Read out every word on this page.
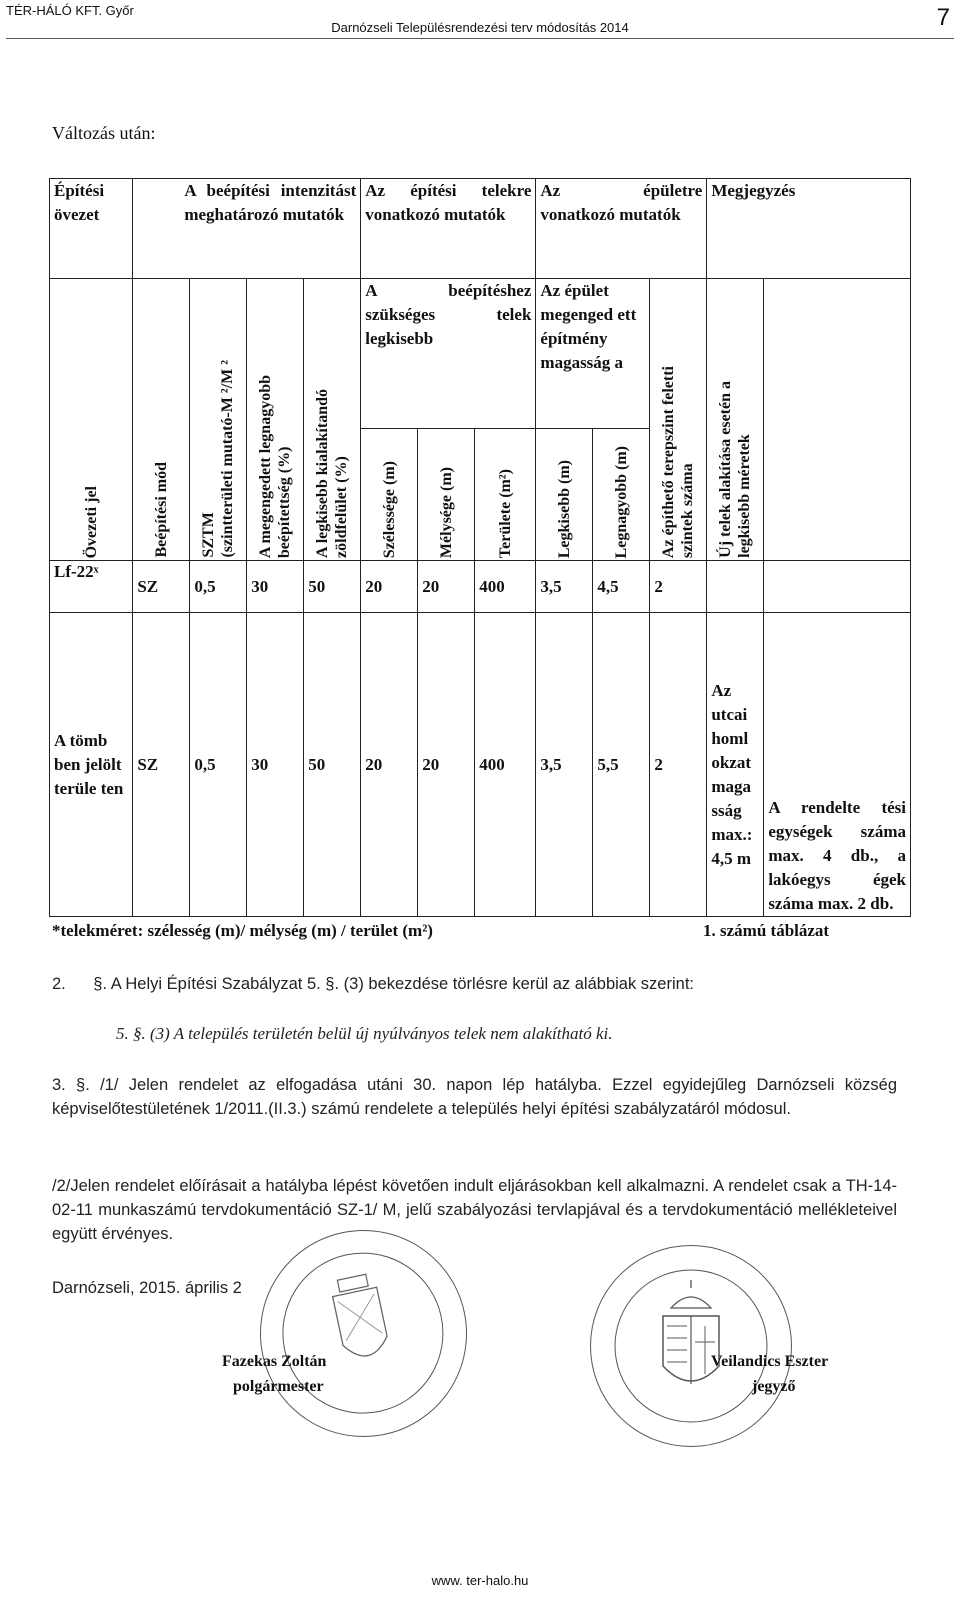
TÉR-HÁLÓ KFT. Győr
Darnózseli Településrendezési terv módosítás 2014	7
Változás után:
Építési övezet	A beépítési intenzitást meghatározó mutatók				Az építési telekre vonatkozó mutatók			Az épületre vonatkozó mutatók			Megjegyzés	

Övezeti jel	Beépítési mód	SZTM (szintterületi mutató-M ²/M ²	A megengedett legnagyobb beépítettség (%)	A legkisebb kialakítandó zöldfelület (%)	A beépítéshez szükséges telek legkisebb			Az épület megenged ett építmény magasság a		Az építhető terepszint feletti szintek száma	Új telek alakítása esetén a legkisebb méretek	

					Szélessége (m)	Mélysége (m)	Területe (m²)	Legkisebb (m)	Legnagyobb (m)			

Lf-22ˣ	SZ	0,5	30	50	20	20	400	3,5	4,5	2		
A tömb ben jelölt terüle ten	SZ	0,5	30	50	20	20	400	3,5	5,5	2	Az utcai homl okzat maga sság max.: 4,5 m	A rendelte tési egységek száma max. 4 db., a lakóegys égek száma max. 2 db.
*telekméret: szélesség (m)/ mélység (m) / terület (m²)	1. számú táblázat
2.      §. A Helyi Építési Szabályzat 5. §. (3) bekezdése törlésre kerül az alábbiak szerint:
5. §. (3) A település területén belül új nyúlványos telek nem alakítható ki.
3. §. /1/ Jelen rendelet az elfogadása utáni 30. napon lép hatályba. Ezzel egyidejűleg Darnózseli község képviselőtestületének 1/2011.(II.3.) számú rendelete a település helyi építési szabályzatáról módosul.
/2/Jelen rendelet előírásait a hatályba lépést követően indult eljárásokban kell alkalmazni. A rendelet csak a TH-14-02-11 munkaszámú tervdokumentáció SZ-1/ M, jelű szabályozási tervlapjával és a tervdokumentáció mellékleteivel együtt érvényes.
Darnózseli, 2015. április 2
Fazekas Zoltán
polgármester
Veilandics Eszter
jegyző
www. ter-halo.hu
